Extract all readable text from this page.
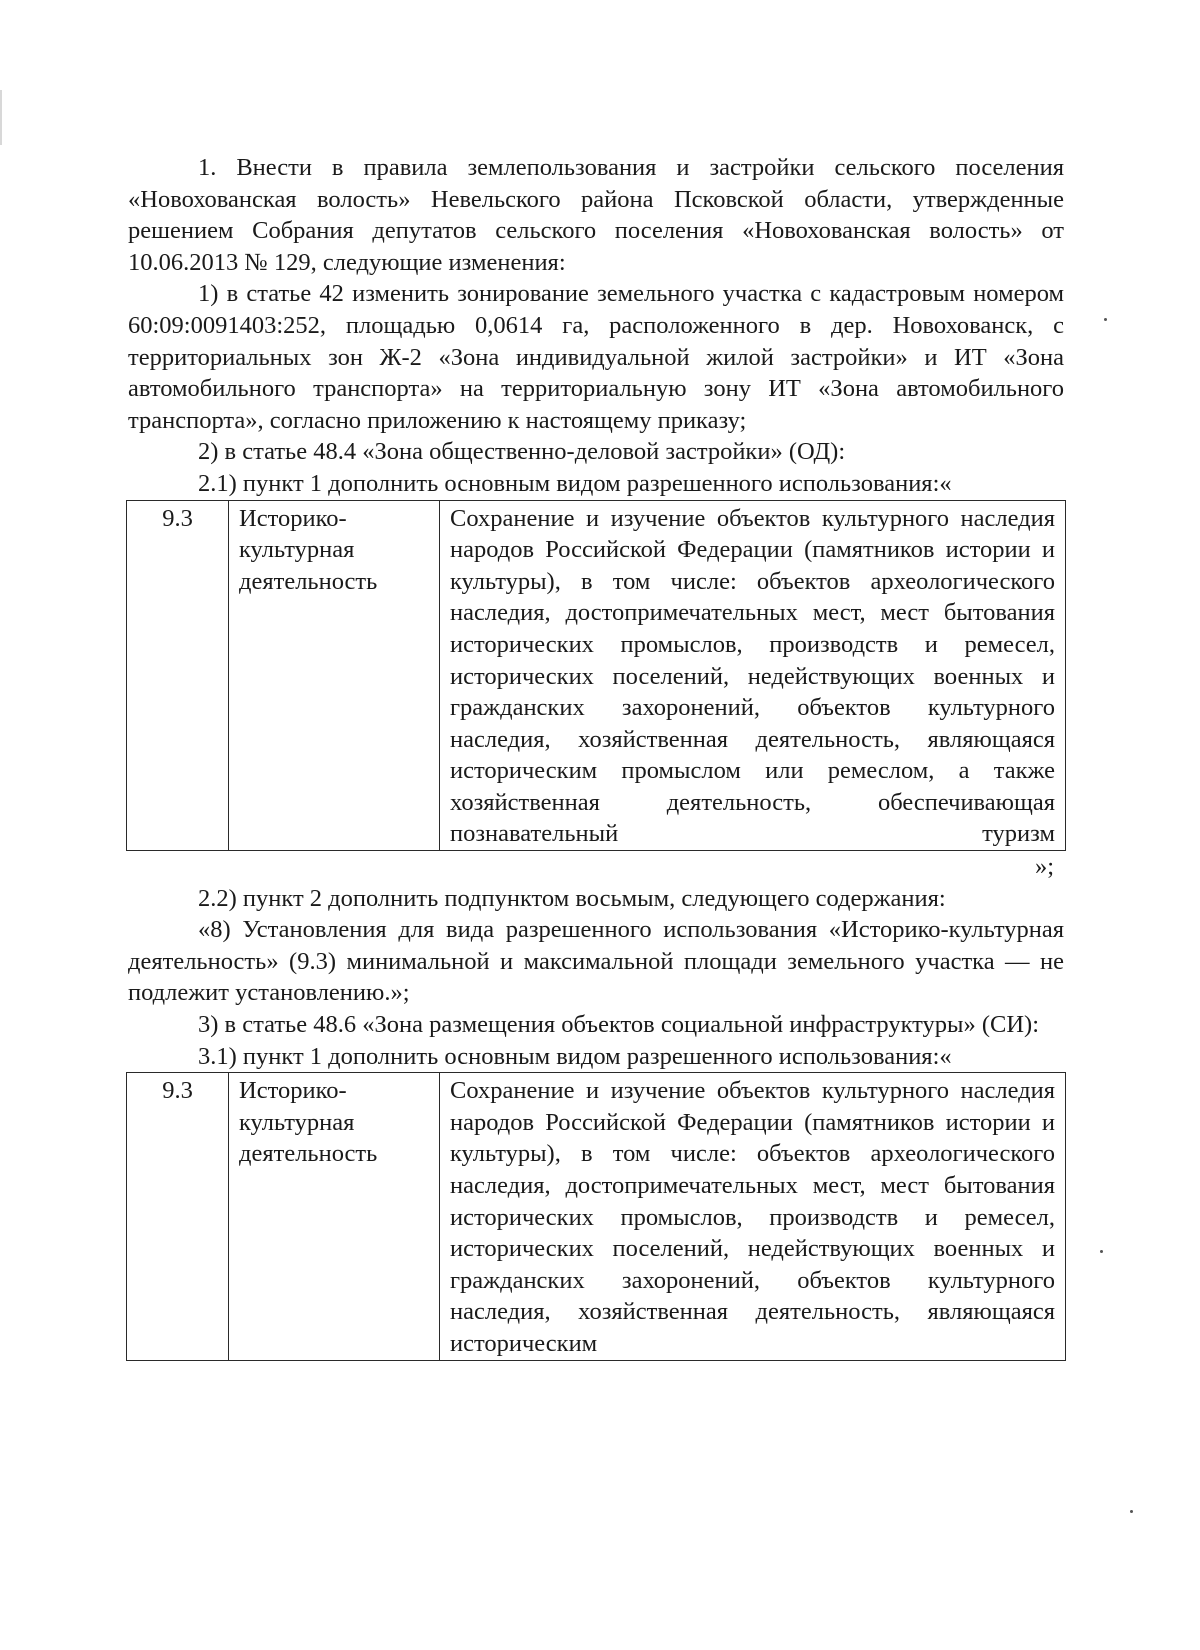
1. Внести в правила землепользования и застройки сельского поселения «Новохованская волость» Невельского района Псковской области, утвержденные решением Собрания депутатов сельского поселения «Новохованская волость» от 10.06.2013 № 129, следующие изменения:

1) в статье 42 изменить зонирование земельного участка с кадастровым номером 60:09:0091403:252, площадью 0,0614 га, расположенного в дер. Новохованск, с территориальных зон Ж-2 «Зона индивидуальной жилой застройки» и ИТ «Зона автомобильного транспорта» на территориальную зону ИТ «Зона автомобильного транспорта», согласно приложению к настоящему приказу;

2) в статье 48.4 «Зона общественно-деловой застройки» (ОД):

2.1) пункт 1 дополнить основным видом разрешенного использования:«

9.3	Историко-культурная деятельность	Сохранение и изучение объектов культурного наследия народов Российской Федерации (памятников истории и культуры), в том числе: объектов археологического наследия, достопримечательных мест, мест бытования исторических промыслов, производств и ремесел, исторических поселений, недействующих военных и гражданских захоронений, объектов культурного наследия, хозяйственная деятельность, являющаяся историческим промыслом или ремеслом, а также хозяйственная деятельность, обеспечивающая познавательный туризм

»;

2.2) пункт 2 дополнить подпунктом восьмым, следующего содержания:

«8) Установления для вида разрешенного использования «Историко-культурная деятельность» (9.3) минимальной и максимальной площади земельного участка — не подлежит установлению.»;

3) в статье 48.6 «Зона размещения объектов социальной инфраструктуры» (СИ):

3.1) пункт 1 дополнить основным видом разрешенного использования:«

9.3	Историко-культурная деятельность	Сохранение и изучение объектов культурного наследия народов Российской Федерации (памятников истории и культуры), в том числе: объектов археологического наследия, достопримечательных мест, мест бытования исторических промыслов, производств и ремесел, исторических поселений, недействующих военных и гражданских захоронений, объектов культурного наследия, хозяйственная деятельность, являющаяся историческим
